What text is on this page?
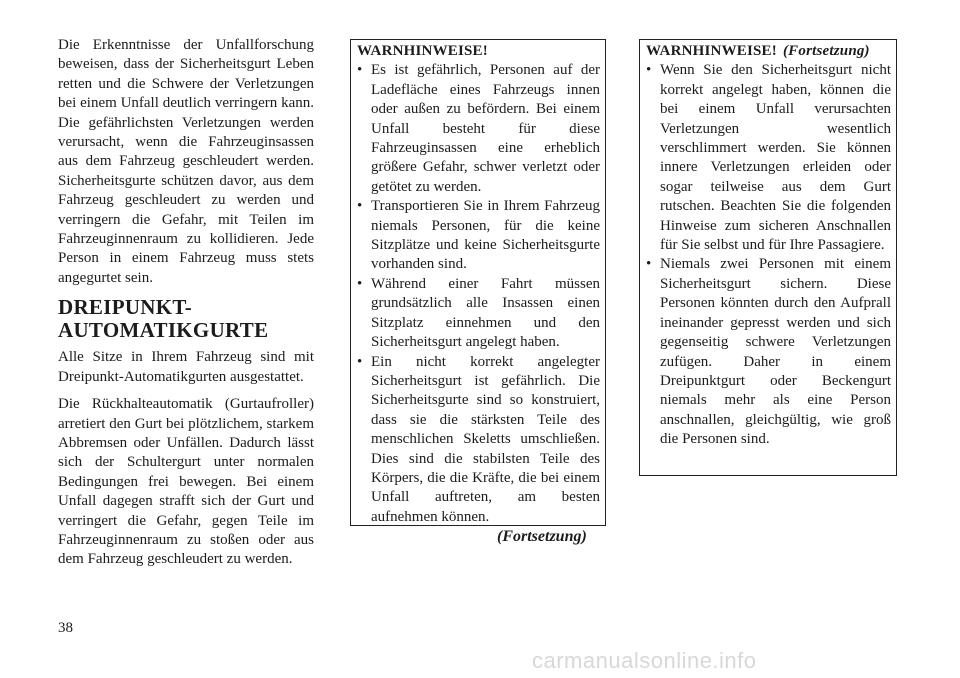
Die Erkenntnisse der Unfallforschung beweisen, dass der Sicherheitsgurt Leben retten und die Schwere der Verletzungen bei einem Unfall deutlich verringern kann. Die gefährlichsten Verletzungen werden verursacht, wenn die Fahrzeuginsassen aus dem Fahrzeug geschleudert werden. Sicherheitsgurte schützen davor, aus dem Fahrzeug geschleudert zu werden und verringern die Gefahr, mit Teilen im Fahrzeuginnenraum zu kollidieren. Jede Person in einem Fahrzeug muss stets angegurtet sein.

DREIPUNKT-
AUTOMATIKGURTE

Alle Sitze in Ihrem Fahrzeug sind mit Dreipunkt-Automatikgurten ausgestattet.

Die Rückhalteautomatik (Gurtaufroller) arretiert den Gurt bei plötzlichem, starkem Abbremsen oder Unfällen. Dadurch lässt sich der Schultergurt unter normalen Bedingungen frei bewegen. Bei einem Unfall dagegen strafft sich der Gurt und verringert die Gefahr, gegen Teile im Fahrzeuginnenraum zu stoßen oder aus dem Fahrzeug geschleudert zu werden.

WARNHINWEISE!
• Es ist gefährlich, Personen auf der Ladefläche eines Fahrzeugs innen oder außen zu befördern. Bei einem Unfall besteht für diese Fahrzeuginsassen eine erheblich größere Gefahr, schwer verletzt oder getötet zu werden.
• Transportieren Sie in Ihrem Fahrzeug niemals Personen, für die keine Sitzplätze und keine Sicherheitsgurte vorhanden sind.
• Während einer Fahrt müssen grundsätzlich alle Insassen einen Sitzplatz einnehmen und den Sicherheitsgurt angelegt haben.
• Ein nicht korrekt angelegter Sicherheitsgurt ist gefährlich. Die Sicherheitsgurte sind so konstruiert, dass sie die stärksten Teile des menschlichen Skeletts umschließen. Dies sind die stabilsten Teile des Körpers, die die Kräfte, die bei einem Unfall auftreten, am besten aufnehmen können.
(Fortsetzung)
WARNHINWEISE! (Fortsetzung)
• Wenn Sie den Sicherheitsgurt nicht korrekt angelegt haben, können die bei einem Unfall verursachten Verletzungen wesentlich verschlimmert werden. Sie können innere Verletzungen erleiden oder sogar teilweise aus dem Gurt rutschen. Beachten Sie die folgenden Hinweise zum sicheren Anschnallen für Sie selbst und für Ihre Passagiere.
• Niemals zwei Personen mit einem Sicherheitsgurt sichern. Diese Personen könnten durch den Aufprall ineinander gepresst werden und sich gegenseitig schwere Verletzungen zufügen. Daher in einem Dreipunktgurt oder Beckengurt niemals mehr als eine Person anschnallen, gleichgültig, wie groß die Personen sind.
38
carmanualsonline.info
